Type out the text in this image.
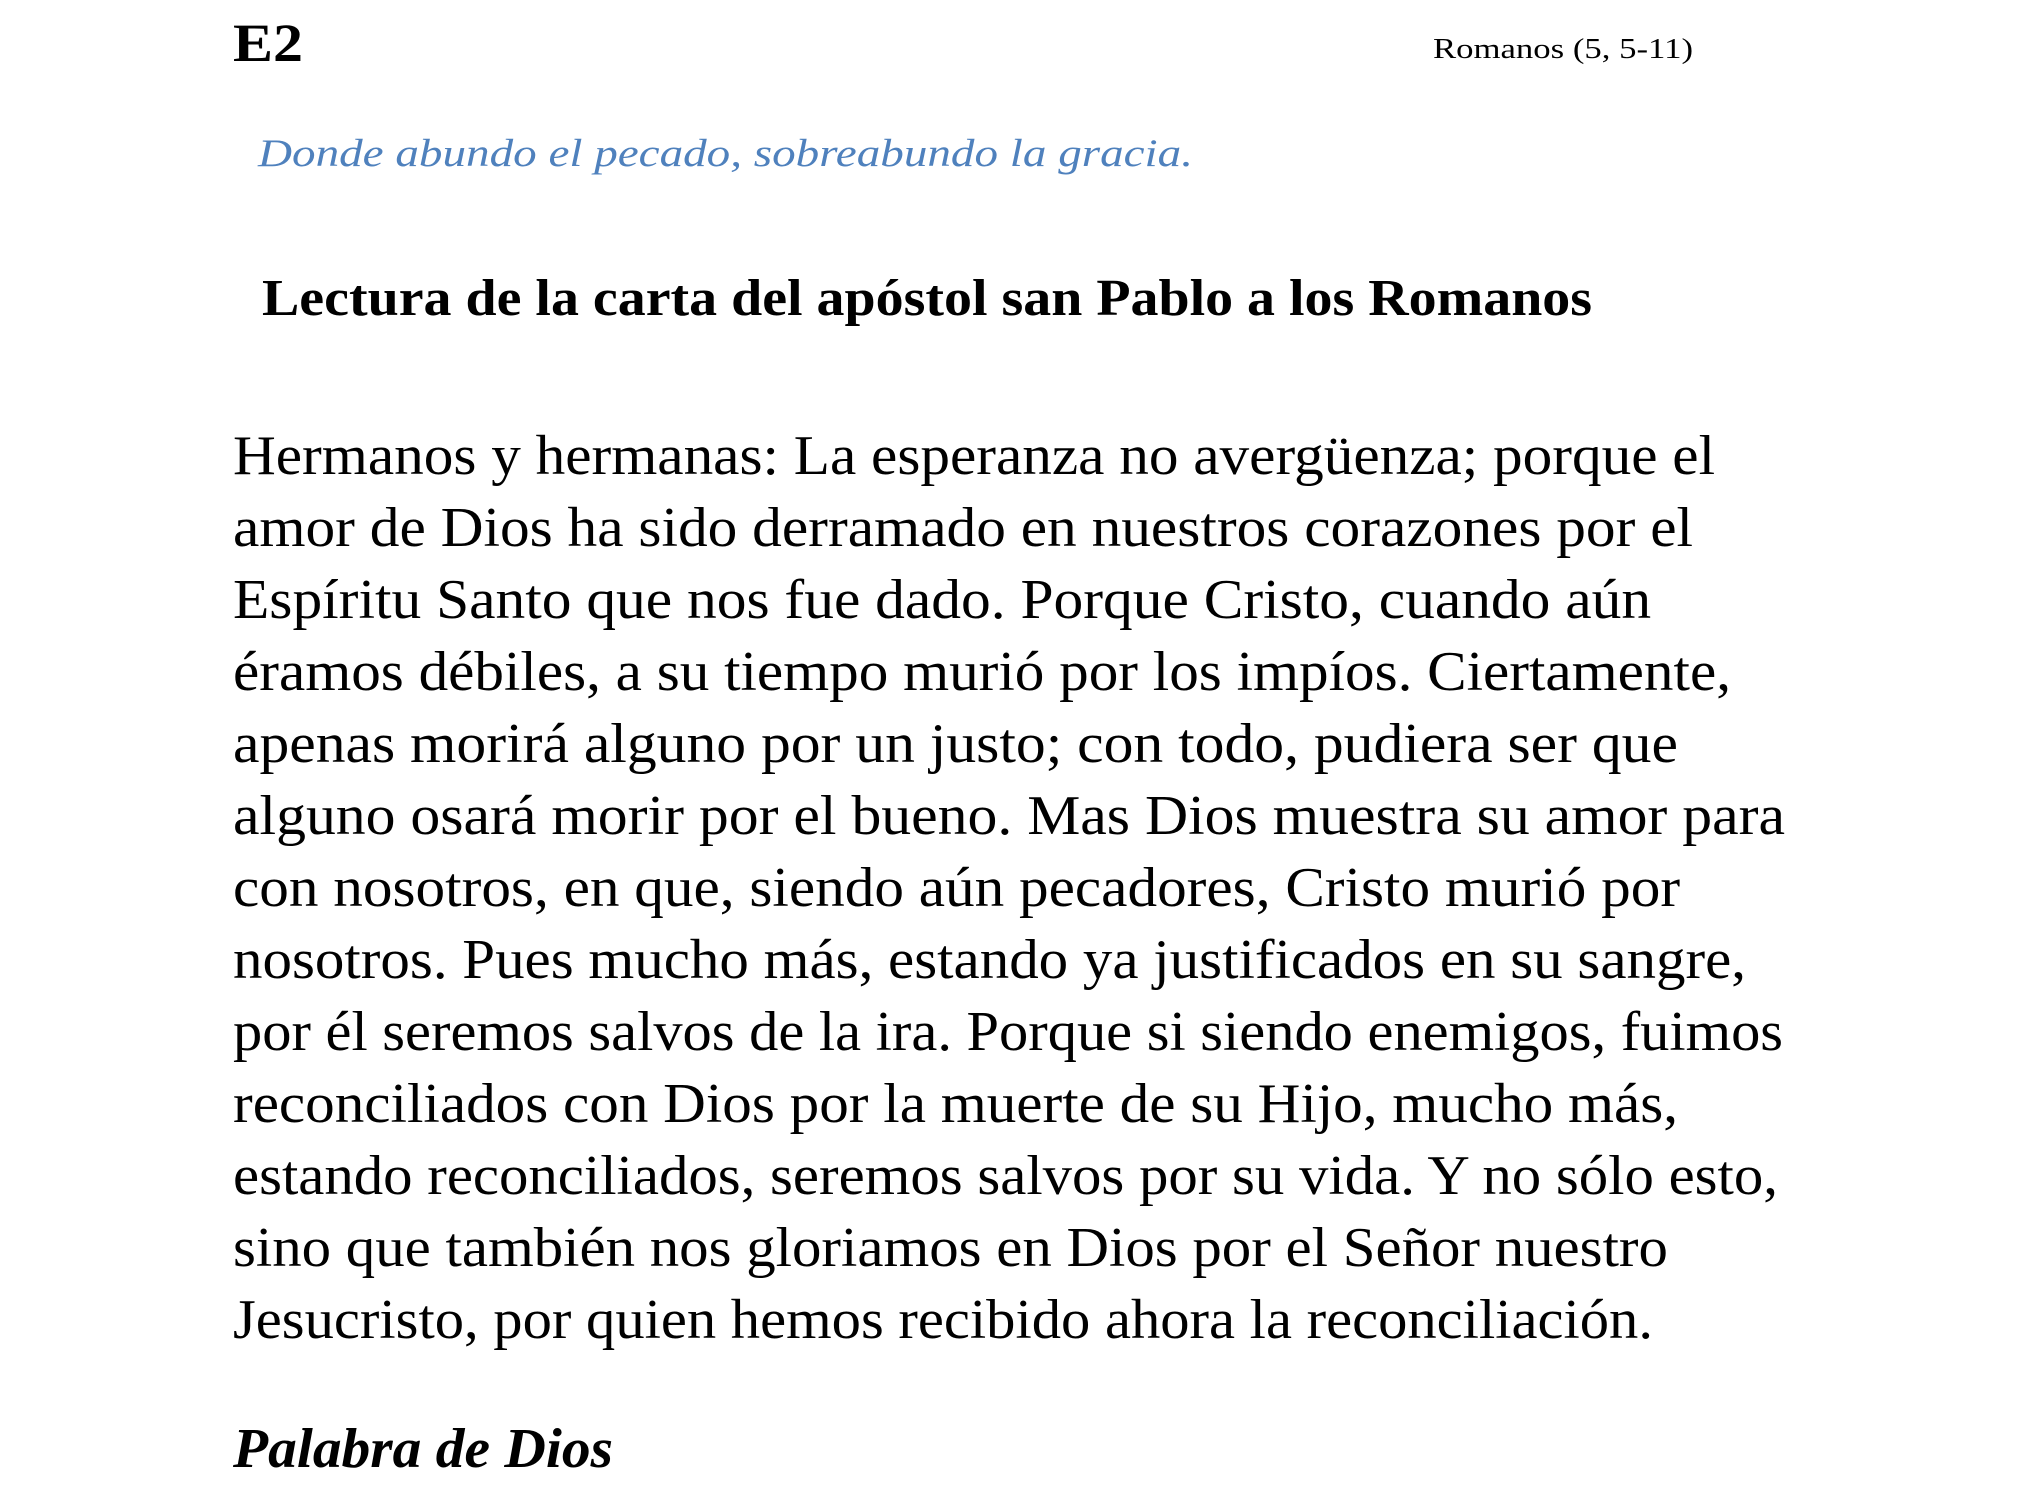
E2	Romanos (5, 5-11)
Donde abundo el pecado, sobreabundo la gracia.
Lectura de la carta del apóstol san Pablo a los Romanos
Hermanos y hermanas: La esperanza no avergüenza; porque el
amor de Dios ha sido derramado en nuestros corazones por el
Espíritu Santo que nos fue dado. Porque Cristo, cuando aún
éramos débiles, a su tiempo murió por los impíos. Ciertamente,
apenas morirá alguno por un justo; con todo, pudiera ser que
alguno osará morir por el bueno. Mas Dios muestra su amor para
con nosotros, en que, siendo aún pecadores, Cristo murió por
nosotros. Pues mucho más, estando ya justificados en su sangre,
por él seremos salvos de la ira. Porque si siendo enemigos, fuimos
reconciliados con Dios por la muerte de su Hijo, mucho más,
estando reconciliados, seremos salvos por su vida. Y no sólo esto,
sino que también nos gloriamos en Dios por el Señor nuestro
Jesucristo, por quien hemos recibido ahora la reconciliación.
Palabra de Dios
